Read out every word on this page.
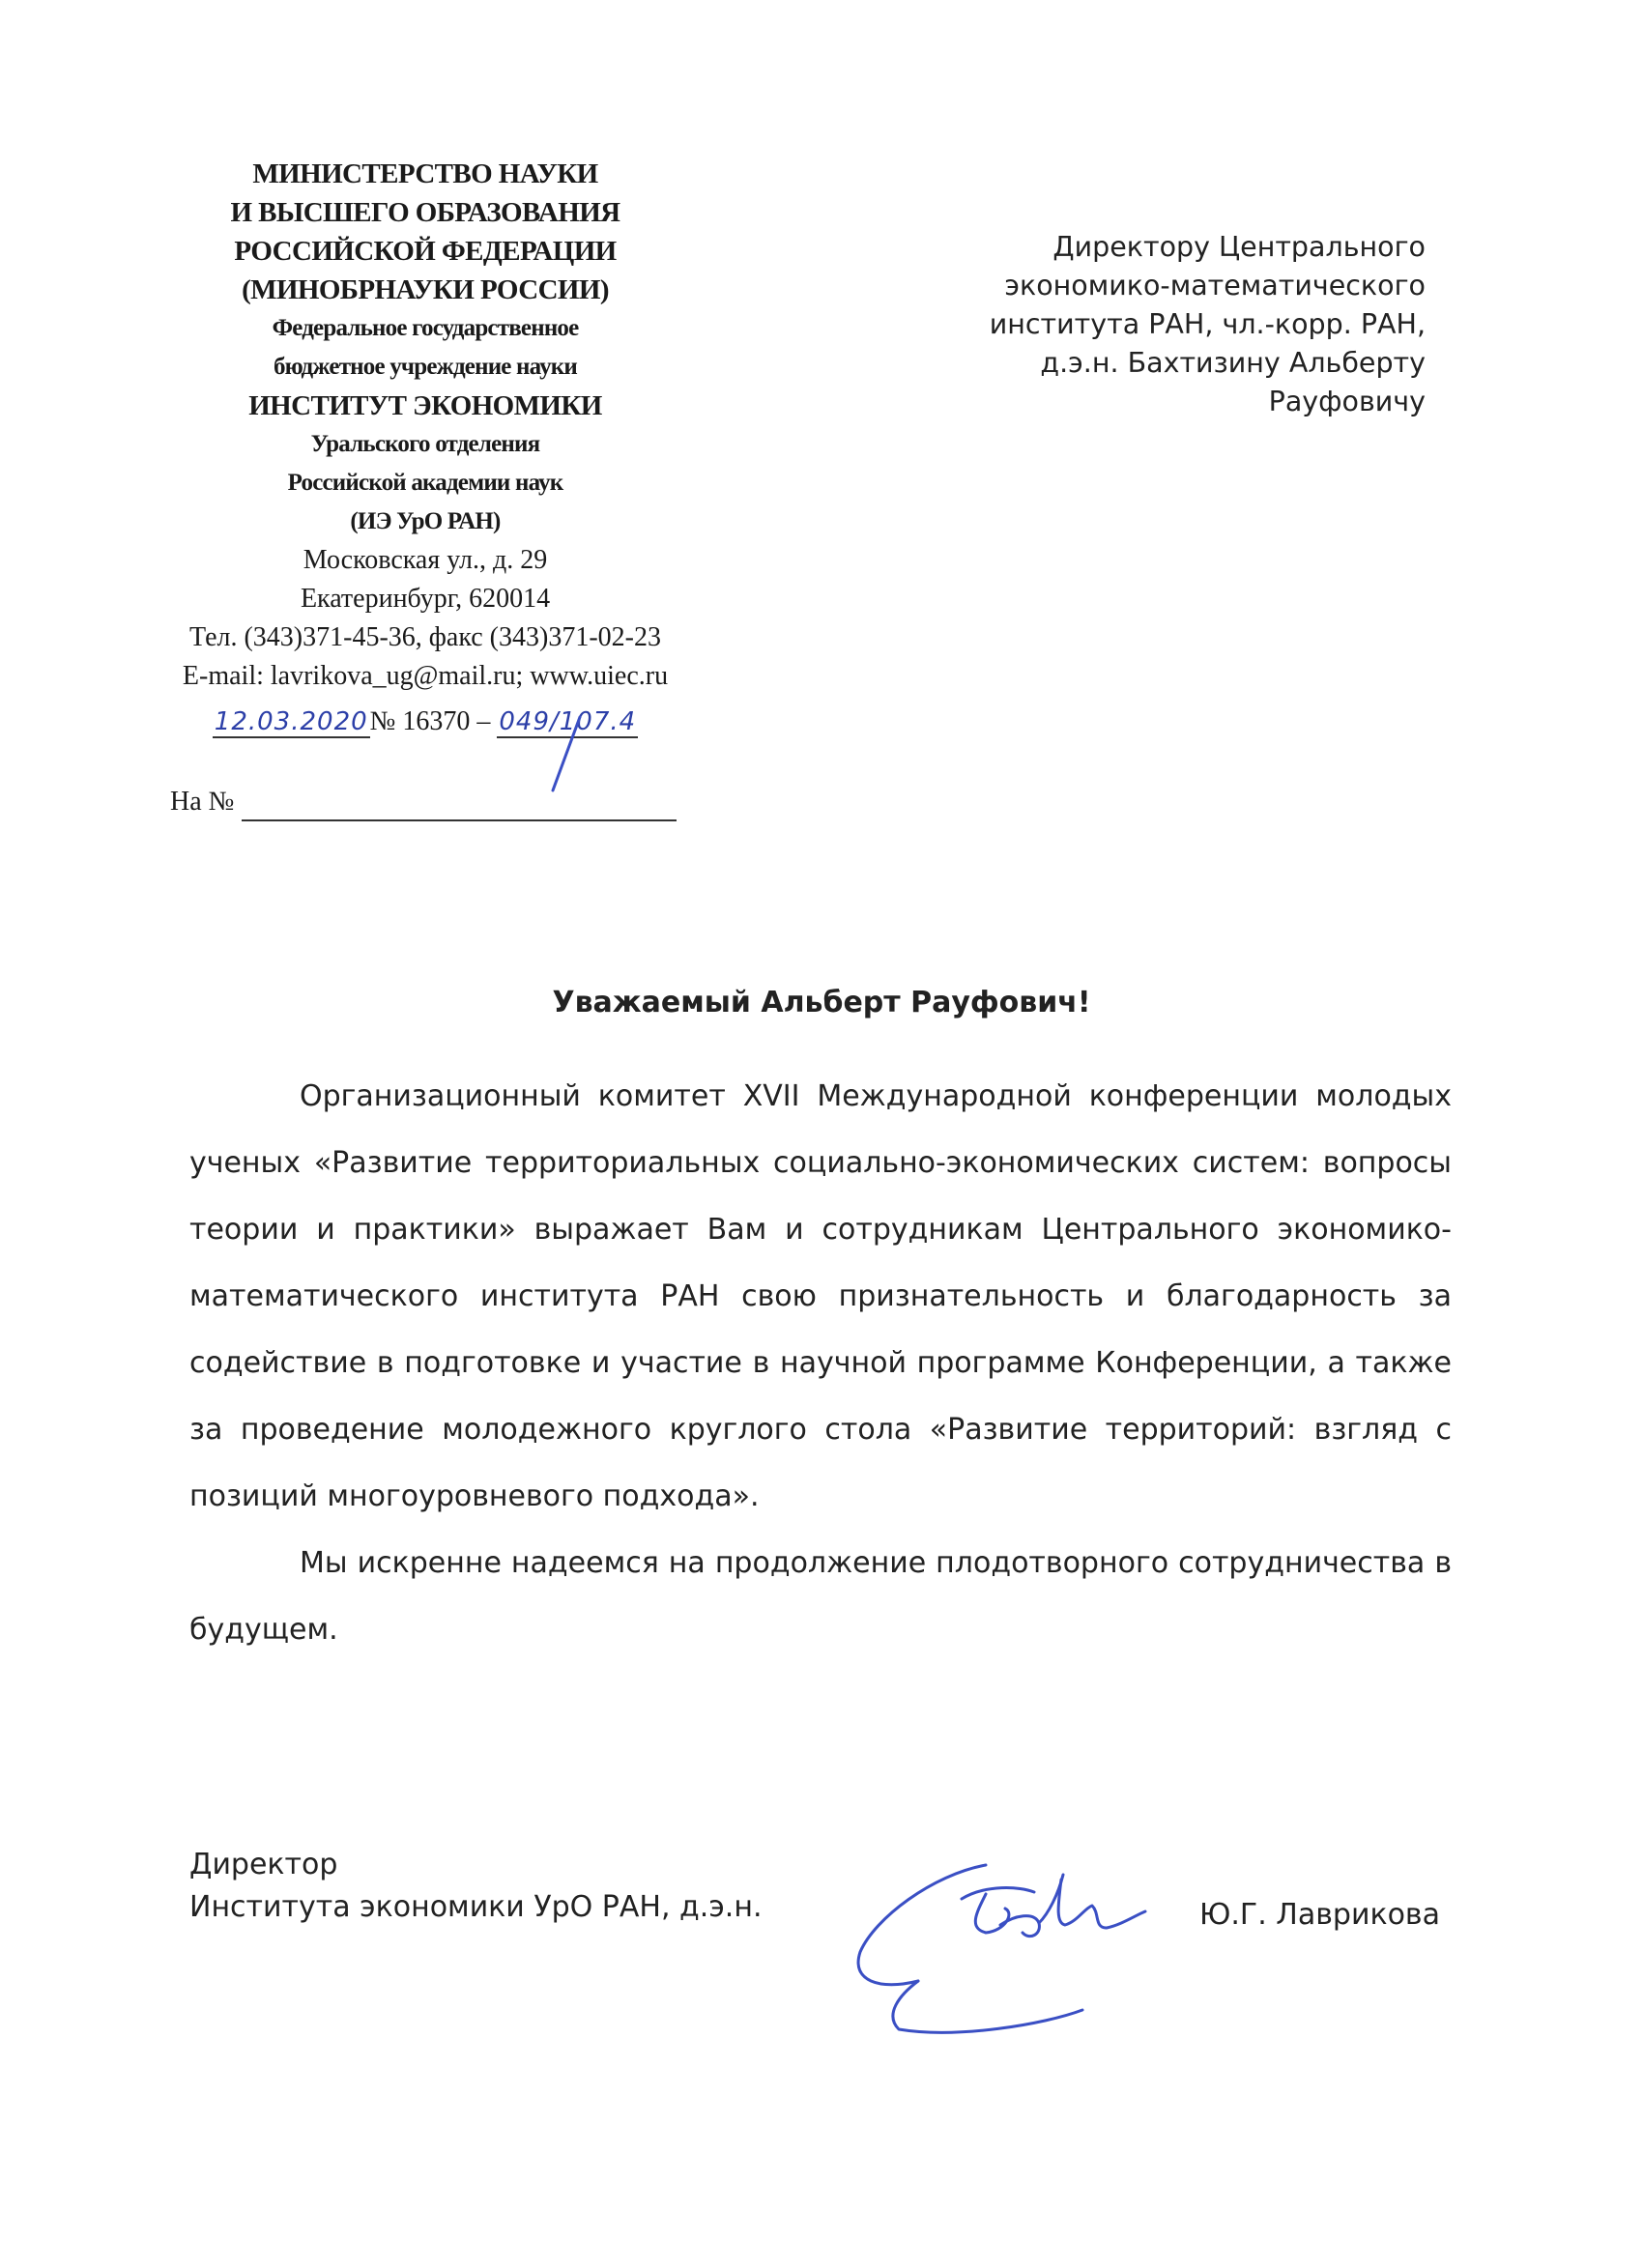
МИНИСТЕРСТВО НАУКИ
И ВЫСШЕГО ОБРАЗОВАНИЯ
РОССИЙСКОЙ ФЕДЕРАЦИИ
(МИНОБРНАУКИ РОССИИ)
Федеральное государственное
бюджетное учреждение науки
ИНСТИТУТ ЭКОНОМИКИ
Уральского отделения
Российской академии наук
(ИЭ УрО РАН)
Московская ул., д. 29
Екатеринбург, 620014
Тел. (343)371-45-36, факс (343)371-02-23
E-mail: lavrikova_ug@mail.ru; www.uiec.ru
12.03.2020№ 16370 – 049/107.4
На №
Директору Центрального
экономико-математического
института РАН, чл.-корр. РАН,
д.э.н. Бахтизину Альберту
Рауфовичу
Уважаемый Альберт Рауфович!

Организационный комитет XVII Международной конференции молодых ученых «Развитие территориальных социально-экономических систем: вопросы теории и практики» выражает Вам и сотрудникам Центрального экономико-математического института РАН свою признательность и благодарность за содействие в подготовке и участие в научной программе Конференции, а также за проведение молодежного круглого стола «Развитие территорий: взгляд с позиций многоуровневого подхода».

Мы искренне надеемся на продолжение плодотворного сотрудничества в будущем.

Директор
Института экономики УрО РАН, д.э.н.	Ю.Г. Лаврикова
